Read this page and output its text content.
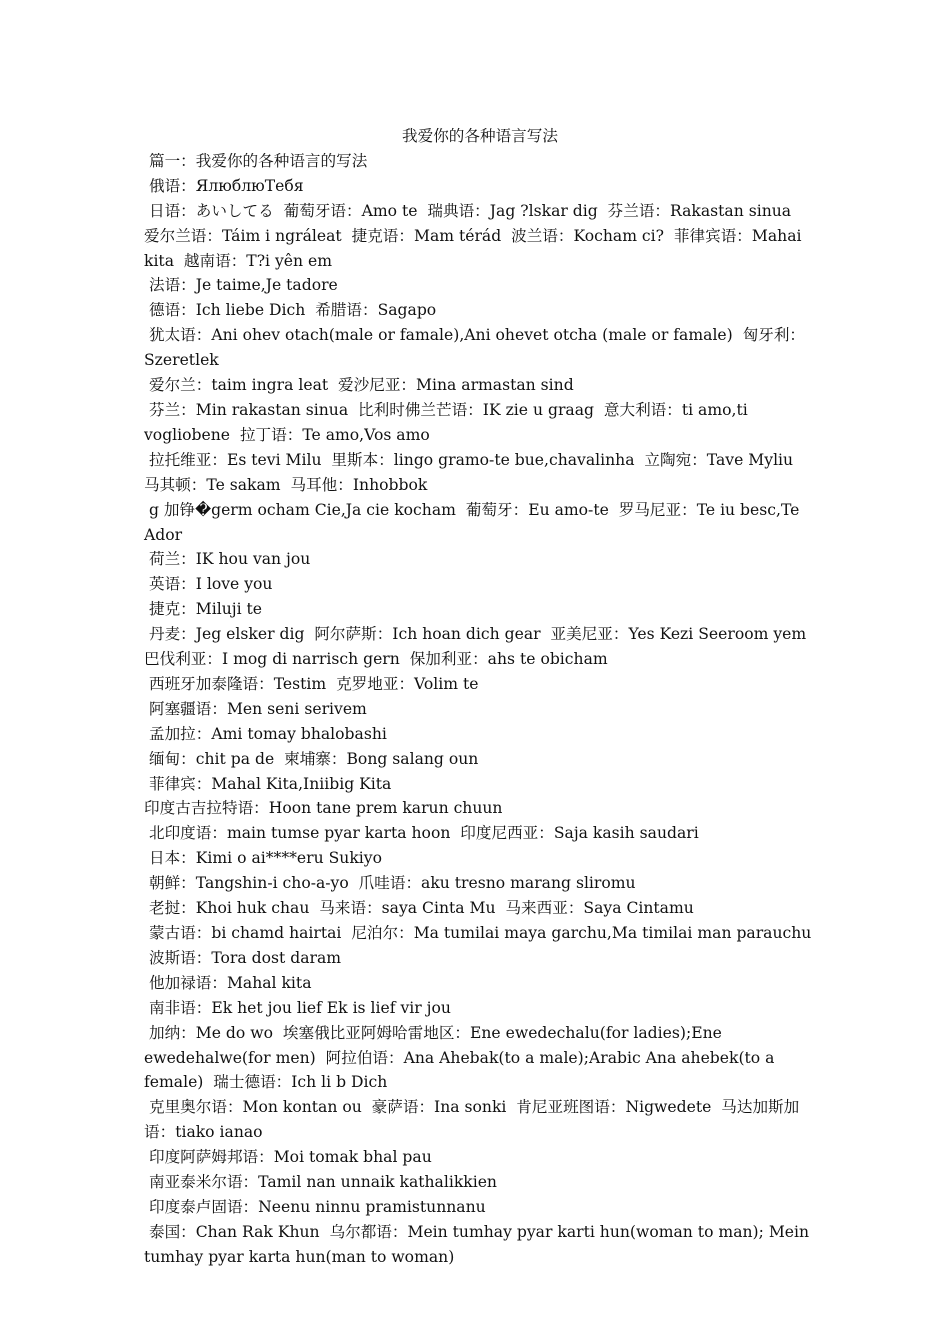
我爱你的各种语言写法

篇一：我爱你的各种语言的写法

俄语：ЯлюблюТебя

日语：あいしてる  葡萄牙语：Amo te  瑞典语：Jag ?lskar dig  芬兰语：Rakastan sinua  爱尔兰语：Táim i ngráleat  捷克语：Mam térád  波兰语：Kocham ci?  菲律宾语：Mahai kita  越南语：T?i yên em

法语：Je taime,Je tadore

德语：Ich liebe Dich  希腊语：Sagapo

犹太语：Ani ohev otach(male or famale),Ani ohevet otcha (male or famale)  匈牙利：Szeretlek

爱尔兰：taim ingra leat  爱沙尼亚：Mina armastan sind

芬兰：Min rakastan sinua  比利时佛兰芒语：IK zie u graag  意大利语：ti amo,ti vogliobene  拉丁语：Te amo,Vos amo

拉托维亚：Es tevi Milu  里斯本：lingo gramo-te bue,chavalinha  立陶宛：Tave Myliu  马其顿：Te sakam  马耳他：Inhobbok

g 加铮�germ ocham Cie,Ja cie kocham  葡萄牙：Eu amo-te  罗马尼亚：Te iu besc,Te Ador

荷兰：IK hou van jou

英语：I love you

捷克：Miluji te

丹麦：Jeg elsker dig  阿尔萨斯：Ich hoan dich gear  亚美尼亚：Yes Kezi Seeroom yem  巴伐利亚：I mog di narrisch gern  保加利亚：ahs te obicham

西班牙加泰隆语：Testim  克罗地亚：Volim te

阿塞疆语：Men seni serivem

孟加拉：Ami tomay bhalobashi

缅甸：chit pa de  柬埔寨：Bong salang oun

菲律宾：Mahal Kita,Iniibig Kita

印度古吉拉特语：Hoon tane prem karun chuun

北印度语：main tumse pyar karta hoon  印度尼西亚：Saja kasih saudari

日本：Kimi o ai****eru Sukiyo

朝鲜：Tangshin-i cho-a-yo  爪哇语：aku tresno marang sliromu

老挝：Khoi huk chau  马来语：saya Cinta Mu  马来西亚：Saya Cintamu

蒙古语：bi chamd hairtai  尼泊尔：Ma tumilai maya garchu,Ma timilai man parauchu

波斯语：Tora dost daram

他加禄语：Mahal kita

南非语：Ek het jou lief Ek is lief vir jou

加纳：Me do wo  埃塞俄比亚阿姆哈雷地区：Ene ewedechalu(for ladies);Ene ewedehalwe(for men)  阿拉伯语：Ana Ahebak(to a male);Arabic Ana ahebek(to a female)  瑞士德语：Ich li b Dich

克里奥尔语：Mon kontan ou  豪萨语：Ina sonki  肯尼亚班图语：Nigwedete  马达加斯加语：tiako ianao

印度阿萨姆邦语：Moi tomak bhal pau

南亚泰米尔语：Tamil nan unnaik kathalikkien

印度泰卢固语：Neenu ninnu pramistunnanu

泰国：Chan Rak Khun  乌尔都语：Mein tumhay pyar karti hun(woman to man); Mein tumhay pyar karta hun(man to woman)
